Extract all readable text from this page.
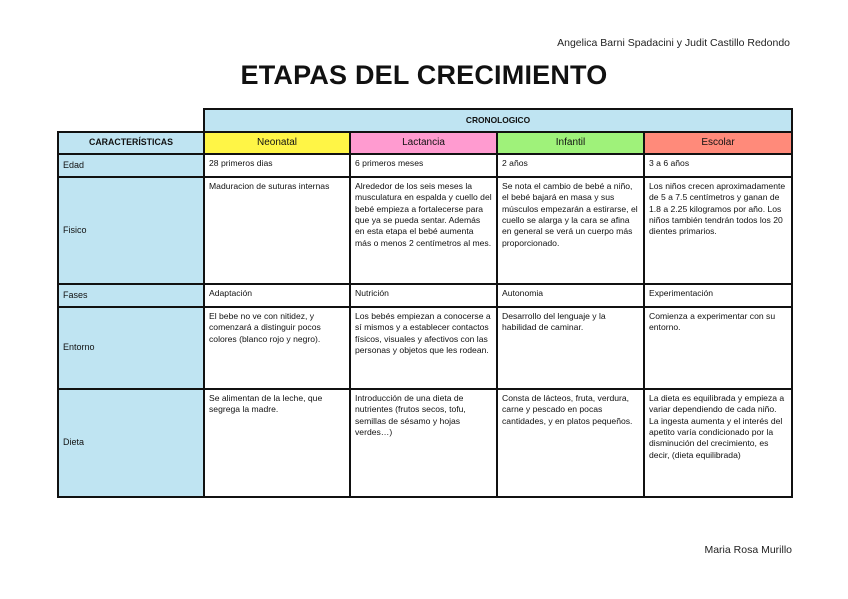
Angelica Barni Spadacini y Judit Castillo Redondo
ETAPAS DEL CRECIMIENTO
	CRONOLOGICO			
CARACTERÍSTICAS	Neonatal	Lactancia	Infantil	Escolar
Edad	28 primeros dias	6 primeros meses	2 años	3 a 6 años
Fisico	Maduracion de suturas internas	Alrededor de los seis meses la musculatura en espalda y cuello del bebé empieza a fortalecerse para que ya se pueda sentar. Además en esta etapa el bebé aumenta más o menos 2 centímetros al mes.	Se nota el cambio de bebé a niño, el bebé bajará en masa y sus músculos empezarán a estirarse, el cuello se alarga y la cara se afina en general se verá un cuerpo más proporcionado.	Los niños crecen aproximadamente de 5 a 7.5 centímetros y ganan de 1.8 a 2.25 kilogramos por año. Los niños también tendrán todos los 20 dientes primarios.
Fases	Adaptación	Nutrición	Autonomia	Experimentación
Entorno	El bebe no ve con nitidez, y comenzará a distinguir pocos colores (blanco rojo y negro).	Los bebés empiezan a conocerse a sí mismos y a establecer contactos físicos, visuales y afectivos con las personas y objetos que les rodean.	Desarrollo del lenguaje y la habilidad de caminar.	Comienza a experimentar con su entorno.
Dieta	Se alimentan de la leche, que segrega la madre.	Introducción de una dieta de nutrientes (frutos secos, tofu, semillas de sésamo y hojas verdes…)	Consta de lácteos, fruta, verdura, carne y pescado en pocas cantidades, y en platos pequeños.	La dieta es equilibrada y empieza a variar dependiendo de cada niño. La ingesta aumenta y el interés del apetito varía condicionado por la disminución del crecimiento, es decir, (dieta equilibrada)
Maria Rosa Murillo
